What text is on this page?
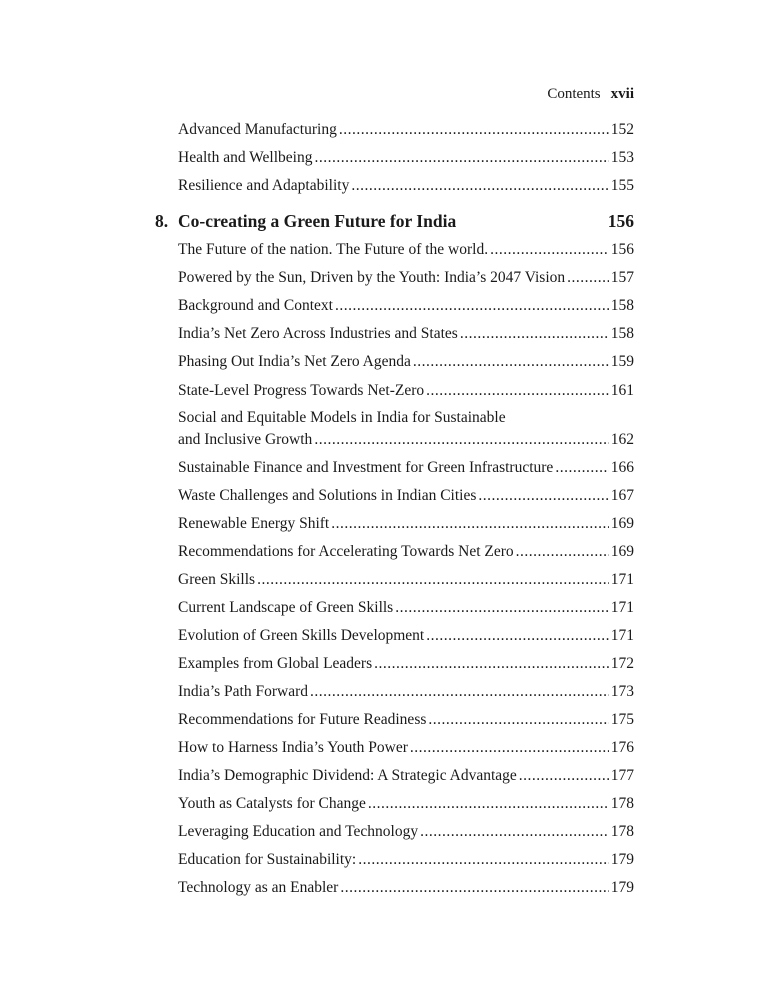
Contents xvii
Advanced Manufacturing .....	152
Health and Wellbeing .....	153
Resilience and Adaptability .....	155
8. Co-creating a Green Future for India	156
The Future of the nation. The Future of the world. .....	156
Powered by the Sun, Driven by the Youth: India’s 2047 Vision .....	157
Background and Context .....	158
India’s Net Zero Across Industries and States .....	158
Phasing Out India’s Net Zero Agenda .....	159
State-Level Progress Towards Net-Zero .....	161
Social and Equitable Models in India for Sustainable
and Inclusive Growth .....	162
Sustainable Finance and Investment for Green Infrastructure .....	166
Waste Challenges and Solutions in Indian Cities .....	167
Renewable Energy Shift .....	169
Recommendations for Accelerating Towards Net Zero .....	169
Green Skills .....	171
Current Landscape of Green Skills .....	171
Evolution of Green Skills Development .....	171
Examples from Global Leaders .....	172
India’s Path Forward .....	173
Recommendations for Future Readiness .....	175
How to Harness India’s Youth Power .....	176
India’s Demographic Dividend: A Strategic Advantage .....	177
Youth as Catalysts for Change .....	178
Leveraging Education and Technology .....	178
Education for Sustainability: .....	179
Technology as an Enabler .....	179
